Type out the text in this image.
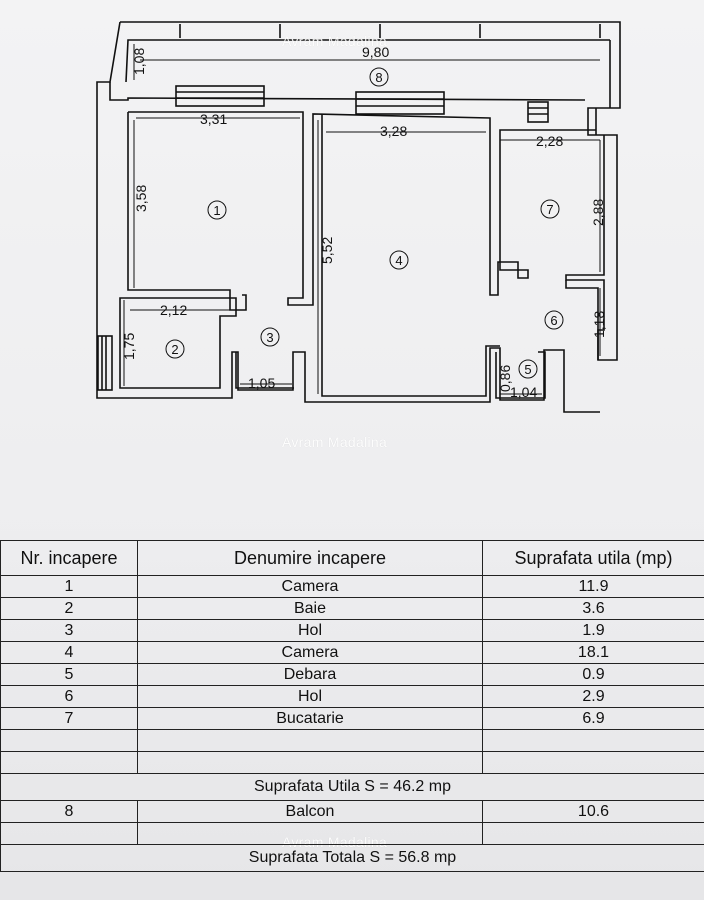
1,08	9,80
3,31
3,58
3,28
5,52
2,28
2,88
2,12
1,75
1,05
1,18
0,86
1,04
1
2
3
4
5
6
7
8
Avram Madalina
Avram Madalina
Avram Madalina
Nr. incapere	Denumire incapere	Suprafata utila (mp)
1	Camera	11.9
2	Baie	3.6
3	Hol	1.9
4	Camera	18.1
5	Debara	0.9
6	Hol	2.9
7	Bucatarie	6.9

Suprafata Utila S = 46.2 mp		
8	Balcon	10.6

Suprafata Totala S = 56.8 mp		
